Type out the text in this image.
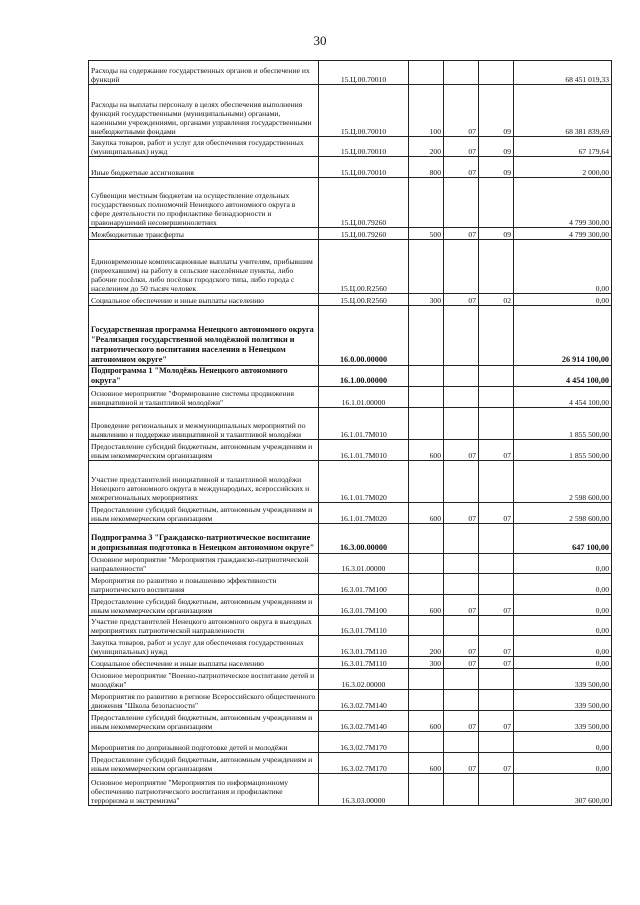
30
Расходы на содержание государственных органов и обеспечение их функций	15.Ц.00.70010				68 451 019,33
Расходы на выплаты персоналу в целях обеспечения выполнения функций государственными (муниципальными) органами, казенными учреждениями, органами управления государственными внебюджетными фондами	15.Ц.00.70010	100	07	09	68 381 839,69
Закупка товаров, работ и услуг для обеспечения государственных (муниципальных) нужд	15.Ц.00.70010	200	07	09	67 179,64
Иные бюджетные ассигнования	15.Ц.00.70010	800	07	09	2 000,00
Субвенции местным бюджетам на осуществление отдельных государственных полномочий Ненецкого автономного округа в сфере деятельности по профилактике безнадзорности и правонарушений несовершеннолетних	15.Ц.00.79260				4 799 300,00
Межбюджетные трансферты	15.Ц.00.79260	500	07	09	4 799 300,00
Единовременные компенсационные выплаты учителям, прибывшим (переехавшим) на работу в сельские населённые пункты, либо рабочие посёлки, либо посёлки городского типа, либо города с населением до 50 тысяч человек	15.Ц.00.R2560				0,00
Социальное обеспечение и иные выплаты населению	15.Ц.00.R2560	300	07	02	0,00
Государственная программа Ненецкого автономного округа "Реализация государственной молодёжной политики и патриотического воспитания населения в Ненецком автономном округе"	16.0.00.00000				26 914 100,00
Подпрограмма 1 "Молодёжь Ненецкого автономного округа"	16.1.00.00000				4 454 100,00
Основное мероприятие "Формирование системы продвижения инициативной и талантливой молодёжи"	16.1.01.00000				4 454 100,00
Проведение региональных и межмуниципальных мероприятий по выявлению и поддержке инициативной и талантливой молодёжи	16.1.01.7М010				1 855 500,00
Предоставление субсидий бюджетным, автономным учреждениям и иным некоммерческим организациям	16.1.01.7М010	600	07	07	1 855 500,00
Участие представителей инициативной и талантливой молодёжи Ненецкого автономного округа в международных, всероссийских и межрегиональных мероприятиях	16.1.01.7М020				2 598 600,00
Предоставление субсидий бюджетным, автономным учреждениям и иным некоммерческим организациям	16.1.01.7М020	600	07	07	2 598 600,00
Подпрограмма 3 "Гражданско-патриотическое воспитание и допризывная подготовка в Ненецком автономном округе"	16.3.00.00000				647 100,00
Основное мероприятие "Мероприятия гражданско-патриотической направленности"	16.3.01.00000				0,00
Мероприятия по развитию и повышению эффективности патриотического воспитания	16.3.01.7М100				0,00
Предоставление субсидий бюджетным, автономным учреждениям и иным некоммерческим организациям	16.3.01.7М100	600	07	07	0,00
Участие представителей Ненецкого автономного округа в выездных мероприятиях патриотической направленности	16.3.01.7М110				0,00
Закупка товаров, работ и услуг для обеспечения государственных (муниципальных) нужд	16.3.01.7М110	200	07	07	0,00
Социальное обеспечение и иные выплаты населению	16.3.01.7М110	300	07	07	0,00
Основное мероприятие "Военно-патриотическое воспитание детей и молодёжи"	16.3.02.00000				339 500,00
Мероприятия по развитию в регионе Всероссийского общественного движения "Школа безопасности"	16.3.02.7М140				339 500,00
Предоставление субсидий бюджетным, автономным учреждениям и иным некоммерческим организациям	16.3.02.7М140	600	07	07	339 500,00
Мероприятия по допризывной подготовке детей и молодёжи	16.3.02.7М170				0,00
Предоставление субсидий бюджетным, автономным учреждениям и иным некоммерческим организациям	16.3.02.7М170	600	07	07	0,00
Основное мероприятие "Мероприятия по информационному обеспечению патриотического воспитания и профилактике терроризма и экстремизма"	16.3.03.00000				307 600,00
